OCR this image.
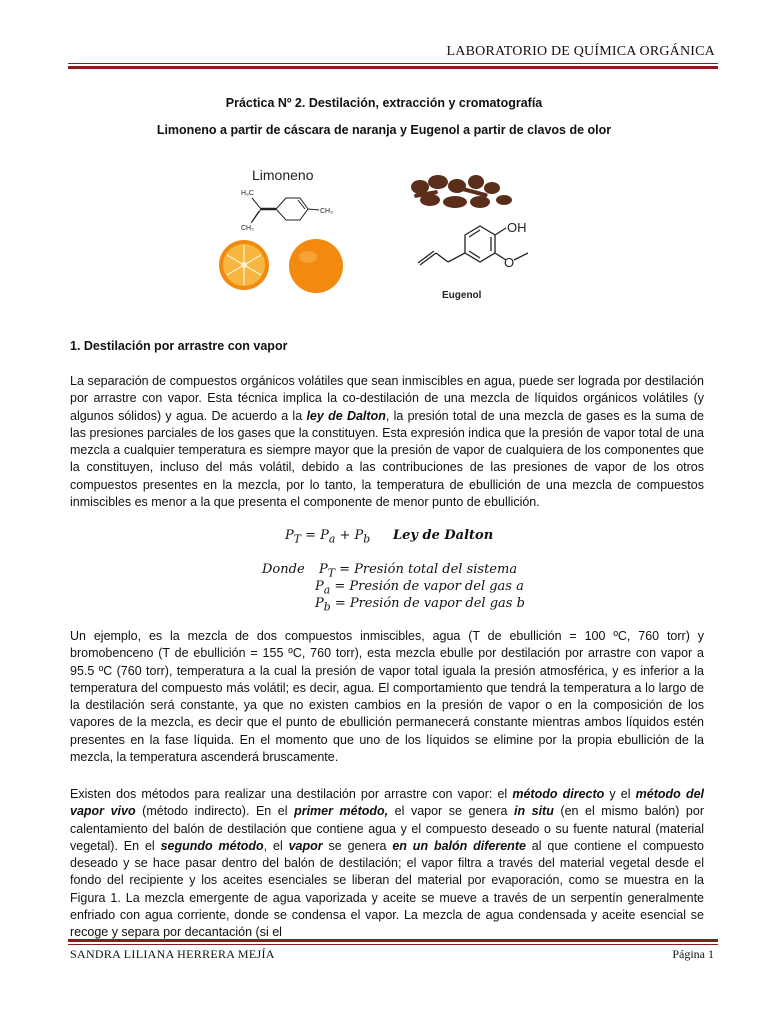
LABORATORIO DE QUÍMICA ORGÁNICA
Práctica Nº 2. Destilación, extracción y cromatografía
Limoneno a partir de cáscara de naranja y Eugenol a partir de clavos de olor
Limoneno
H₃C
CH₂
CH₃
OH
O
Eugenol
1. Destilación por arrastre con vapor
La separación de compuestos orgánicos volátiles que sean inmiscibles en agua, puede ser lograda por destilación por arrastre con vapor. Esta técnica implica la co-destilación de una mezcla de líquidos orgánicos volátiles (y algunos sólidos) y agua. De acuerdo a la ley de Dalton, la presión total de una mezcla de gases es la suma de las presiones parciales de los gases que la constituyen. Esta expresión indica que la presión de vapor total de una mezcla a cualquier temperatura es siempre mayor que la presión de vapor de cualquiera de los componentes que la constituyen, incluso del más volátil, debido a las contribuciones de las presiones de vapor de los otros compuestos presentes en la mezcla, por lo tanto, la temperatura de ebullición de una mezcla de compuestos inmiscibles es menor a la que presenta el componente de menor punto de ebullición.
$P_T = P_a + P_b$ Ley de Dalton
Donde $P_T$ = Presión total del sistema
$P_a$ = Presión de vapor del gas a
$P_b$ = Presión de vapor del gas b
Un ejemplo, es la mezcla de dos compuestos inmiscibles, agua (T de ebullición = 100 ºC, 760 torr) y bromobenceno (T de ebullición = 155 ºC, 760 torr), esta mezcla ebulle por destilación por arrastre con vapor a 95.5 ºC (760 torr), temperatura a la cual la presión de vapor total iguala la presión atmosférica, y es inferior a la temperatura del compuesto más volátil; es decir, agua. El comportamiento que tendrá la temperatura a lo largo de la destilación será constante, ya que no existen cambios en la presión de vapor o en la composición de los vapores de la mezcla, es decir que el punto de ebullición permanecerá constante mientras ambos líquidos estén presentes en la fase líquida. En el momento que uno de los líquidos se elimine por la propia ebullición de la mezcla, la temperatura ascenderá bruscamente.
Existen dos métodos para realizar una destilación por arrastre con vapor: el método directo y el método del vapor vivo (método indirecto). En el primer método, el vapor se genera in situ (en el mismo balón) por calentamiento del balón de destilación que contiene agua y el compuesto deseado o su fuente natural (material vegetal). En el segundo método, el vapor se genera en un balón diferente al que contiene el compuesto deseado y se hace pasar dentro del balón de destilación; el vapor filtra a través del material vegetal desde el fondo del recipiente y los aceites esenciales se liberan del material por evaporación, como se muestra en la Figura 1. La mezcla emergente de agua vaporizada y aceite se mueve a través de un serpentín generalmente enfriado con agua corriente, donde se condensa el vapor. La mezcla de agua condensada y aceite esencial se recoge y separa por decantación (si el
SANDRA LILIANA HERRERA MEJÍA	Página 1
